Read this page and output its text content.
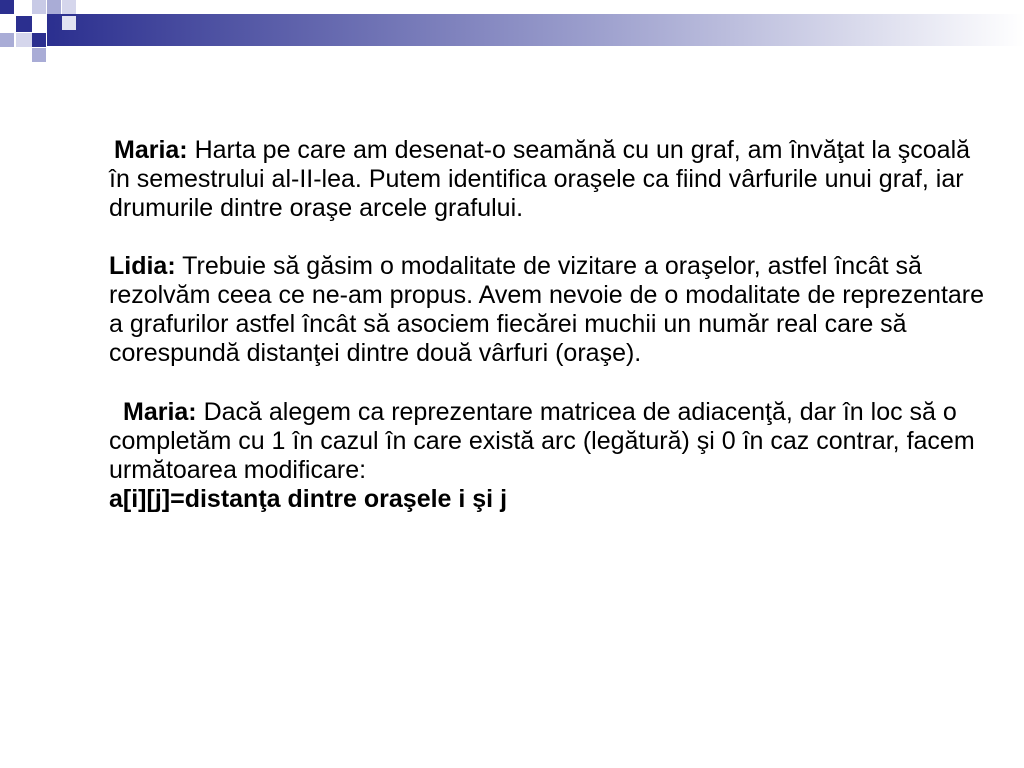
Maria: Harta pe care am desenat-o seamănă cu un graf, am învăţat la şcoală în semestrului al-II-lea. Putem identifica oraşele ca fiind vârfurile unui graf, iar drumurile dintre oraşe arcele grafului.

Lidia: Trebuie să găsim o modalitate de vizitare a oraşelor, astfel încât să rezolvăm ceea ce ne-am propus. Avem nevoie de o modalitate de reprezentare a grafurilor astfel încât să asociem fiecărei muchii un număr real care să corespundă distanţei dintre două vârfuri (oraşe).

Maria: Dacă alegem ca reprezentare matricea de adiacenţă, dar în loc să o completăm cu 1 în cazul în care există arc (legătură) şi 0 în caz contrar, facem următoarea modificare:
a[i][j]=distanţa dintre oraşele i şi j
